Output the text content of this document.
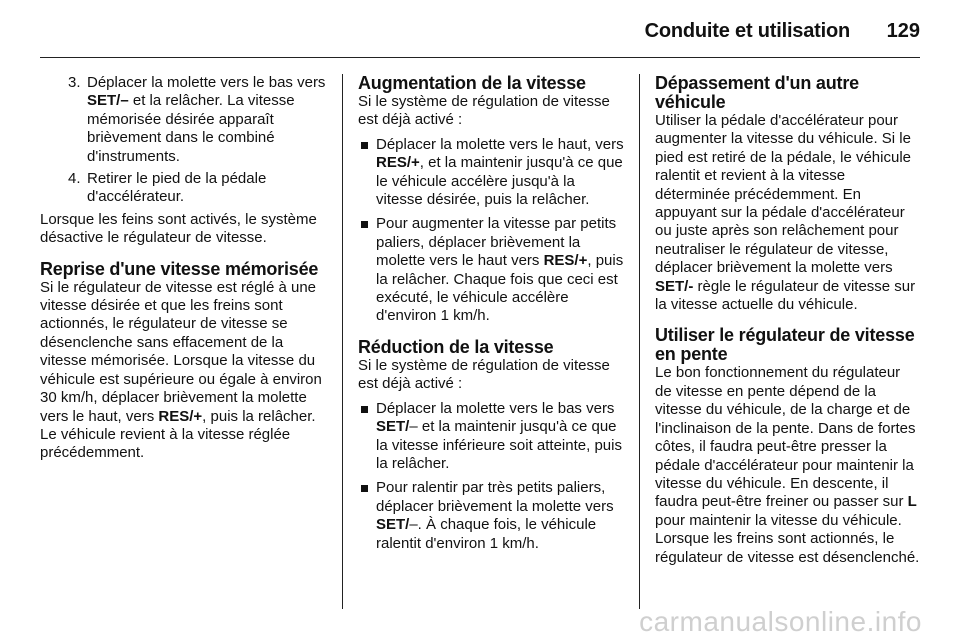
Conduite et utilisation 129
3. Déplacer la molette vers le bas vers SET/– et la relâcher. La vitesse mémorisée désirée apparaît brièvement dans le combiné d'instruments.
4. Retirer le pied de la pédale d'accélérateur.

Lorsque les feins sont activés, le système désactive le régulateur de vitesse.

Reprise d'une vitesse mémorisée

Si le régulateur de vitesse est réglé à une vitesse désirée et que les freins sont actionnés, le régulateur de vitesse se désenclenche sans effacement de la vitesse mémorisée. Lorsque la vitesse du véhicule est supérieure ou égale à environ 30 km/h, déplacer brièvement la molette vers le haut, vers RES/+, puis la relâcher. Le véhicule revient à la vitesse réglée précédemment.

Augmentation de la vitesse

Si le système de régulation de vitesse est déjà activé :

Déplacer la molette vers le haut, vers RES/+, et la maintenir jusqu'à ce que le véhicule accélère jusqu'à la vitesse désirée, puis la relâcher.
Pour augmenter la vitesse par petits paliers, déplacer brièvement la molette vers le haut vers RES/+, puis la relâcher. Chaque fois que ceci est exécuté, le véhicule accélère d'environ 1 km/h.
Réduction de la vitesse

Si le système de régulation de vitesse est déjà activé :

Déplacer la molette vers le bas vers SET/– et la maintenir jusqu'à ce que la vitesse inférieure soit atteinte, puis la relâcher.
Pour ralentir par très petits paliers, déplacer brièvement la molette vers SET/–. À chaque fois, le véhicule ralentit d'environ 1 km/h.
Dépassement d'un autre véhicule

Utiliser la pédale d'accélérateur pour augmenter la vitesse du véhicule. Si le pied est retiré de la pédale, le véhicule ralentit et revient à la vitesse déterminée précédemment. En appuyant sur la pédale d'accélérateur ou juste après son relâchement pour neutraliser le régulateur de vitesse, déplacer brièvement la molette vers SET/- règle le régulateur de vitesse sur la vitesse actuelle du véhicule.

Utiliser le régulateur de vitesse en pente

Le bon fonctionnement du régulateur de vitesse en pente dépend de la vitesse du véhicule, de la charge et de l'inclinaison de la pente. Dans de fortes côtes, il faudra peut-être presser la pédale d'accélérateur pour maintenir la vitesse du véhicule. En descente, il faudra peut-être freiner ou passer sur L pour maintenir la vitesse du véhicule. Lorsque les freins sont actionnés, le régulateur de vitesse est désenclenché.

carmanualsonline.info
